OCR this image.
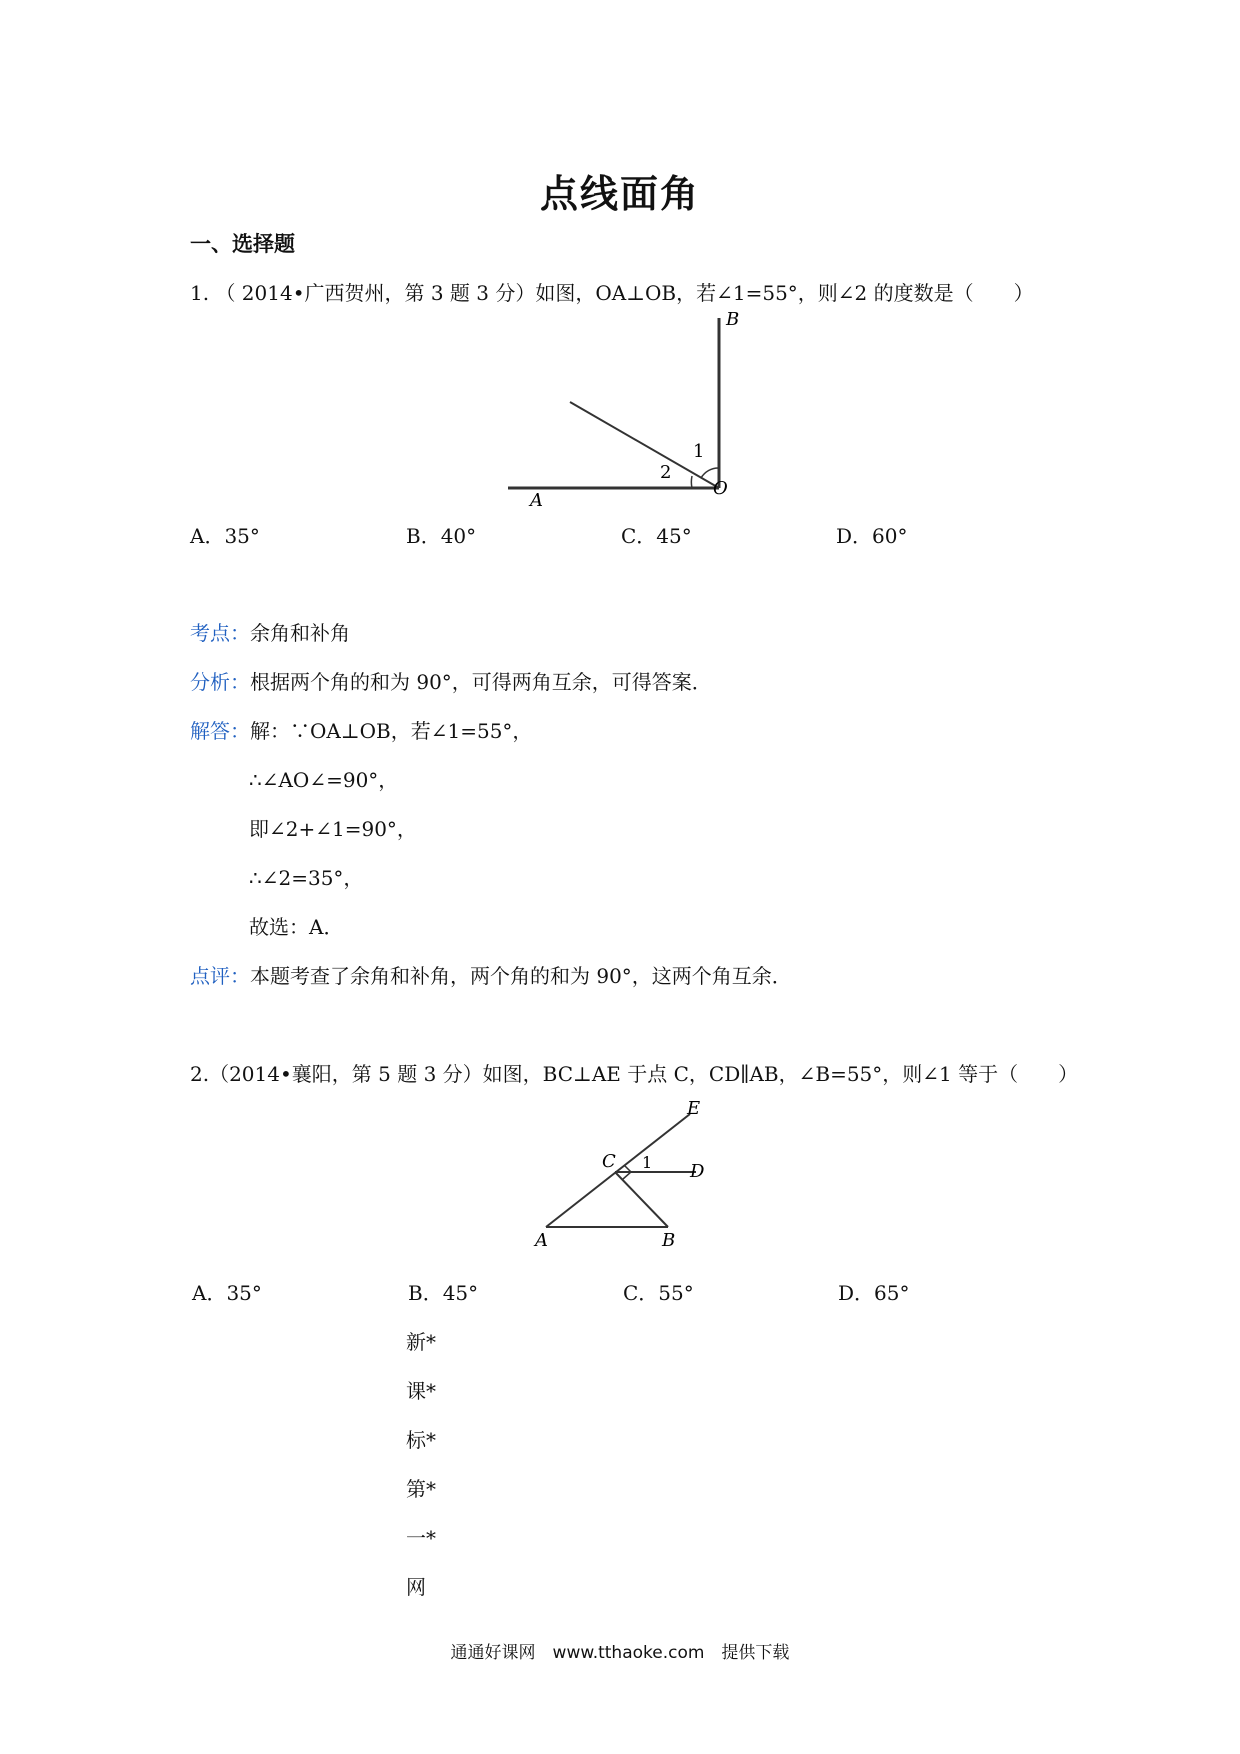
点线面角
一、选择题
1. （ 2014•广西贺州，第 3 题 3 分）如图，OA⊥OB，若∠1=55°，则∠2 的度数是（　　）
B
A
O
1
2
A．35°	B．40°	C．45°	D．60°
考点：余角和补角
分析：根据两个角的和为 90°，可得两角互余，可得答案．
解答：解：∵OA⊥OB，若∠1=55°，
∴∠AO∠=90°，
即∠2+∠1=90°，
∴∠2=35°，
故选：A．
点评：本题考查了余角和补角，两个角的和为 90°，这两个角互余．
2.（2014•襄阳，第 5 题 3 分）如图，BC⊥AE 于点 C，CD∥AB，∠B=55°，则∠1 等于（　　）
E
C 1 D
A	B
A．35°	B．45°	C．55°	D．65°
新*
课*
标*
第*
一*
网
通通好课网　www.tthaoke.com　提供下载
